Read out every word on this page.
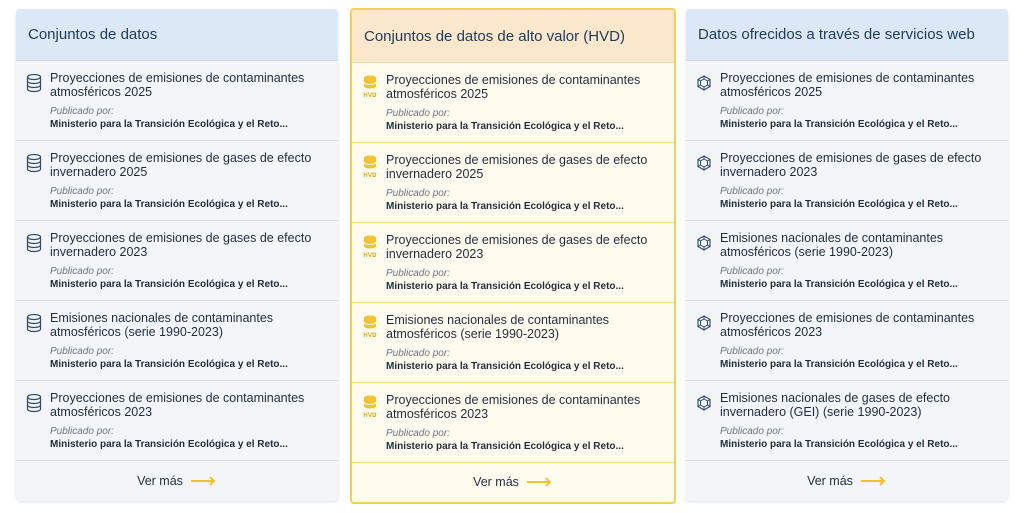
Conjuntos de datos
Proyecciones de emisiones de contaminantes atmosféricos 2025
Publicado por:
Ministerio para la Transición Ecológica y el Reto...
Proyecciones de emisiones de gases de efecto invernadero 2025
Publicado por:
Ministerio para la Transición Ecológica y el Reto...
Proyecciones de emisiones de gases de efecto invernadero 2023
Publicado por:
Ministerio para la Transición Ecológica y el Reto...
Emisiones nacionales de contaminantes atmosféricos (serie 1990-2023)
Publicado por:
Ministerio para la Transición Ecológica y el Reto...
Proyecciones de emisiones de contaminantes atmosféricos 2023
Publicado por:
Ministerio para la Transición Ecológica y el Reto...
Ver más
Conjuntos de datos de alto valor (HVD)
HVD
Proyecciones de emisiones de contaminantes atmosféricos 2025
Publicado por:
Ministerio para la Transición Ecológica y el Reto...
HVD
Proyecciones de emisiones de gases de efecto invernadero 2025
Publicado por:
Ministerio para la Transición Ecológica y el Reto...
HVD
Proyecciones de emisiones de gases de efecto invernadero 2023
Publicado por:
Ministerio para la Transición Ecológica y el Reto...
HVD
Emisiones nacionales de contaminantes atmosféricos (serie 1990-2023)
Publicado por:
Ministerio para la Transición Ecológica y el Reto...
HVD
Proyecciones de emisiones de contaminantes atmosféricos 2023
Publicado por:
Ministerio para la Transición Ecológica y el Reto...
Ver más
Datos ofrecidos a través de servicios web
Proyecciones de emisiones de contaminantes atmosféricos 2025
Publicado por:
Ministerio para la Transición Ecológica y el Reto...
Proyecciones de emisiones de gases de efecto invernadero 2023
Publicado por:
Ministerio para la Transición Ecológica y el Reto...
Emisiones nacionales de contaminantes atmosféricos (serie 1990-2023)
Publicado por:
Ministerio para la Transición Ecológica y el Reto...
Proyecciones de emisiones de contaminantes atmosféricos 2023
Publicado por:
Ministerio para la Transición Ecológica y el Reto...
Emisiones nacionales de gases de efecto invernadero (GEI) (serie 1990-2023)
Publicado por:
Ministerio para la Transición Ecológica y el Reto...
Ver más
